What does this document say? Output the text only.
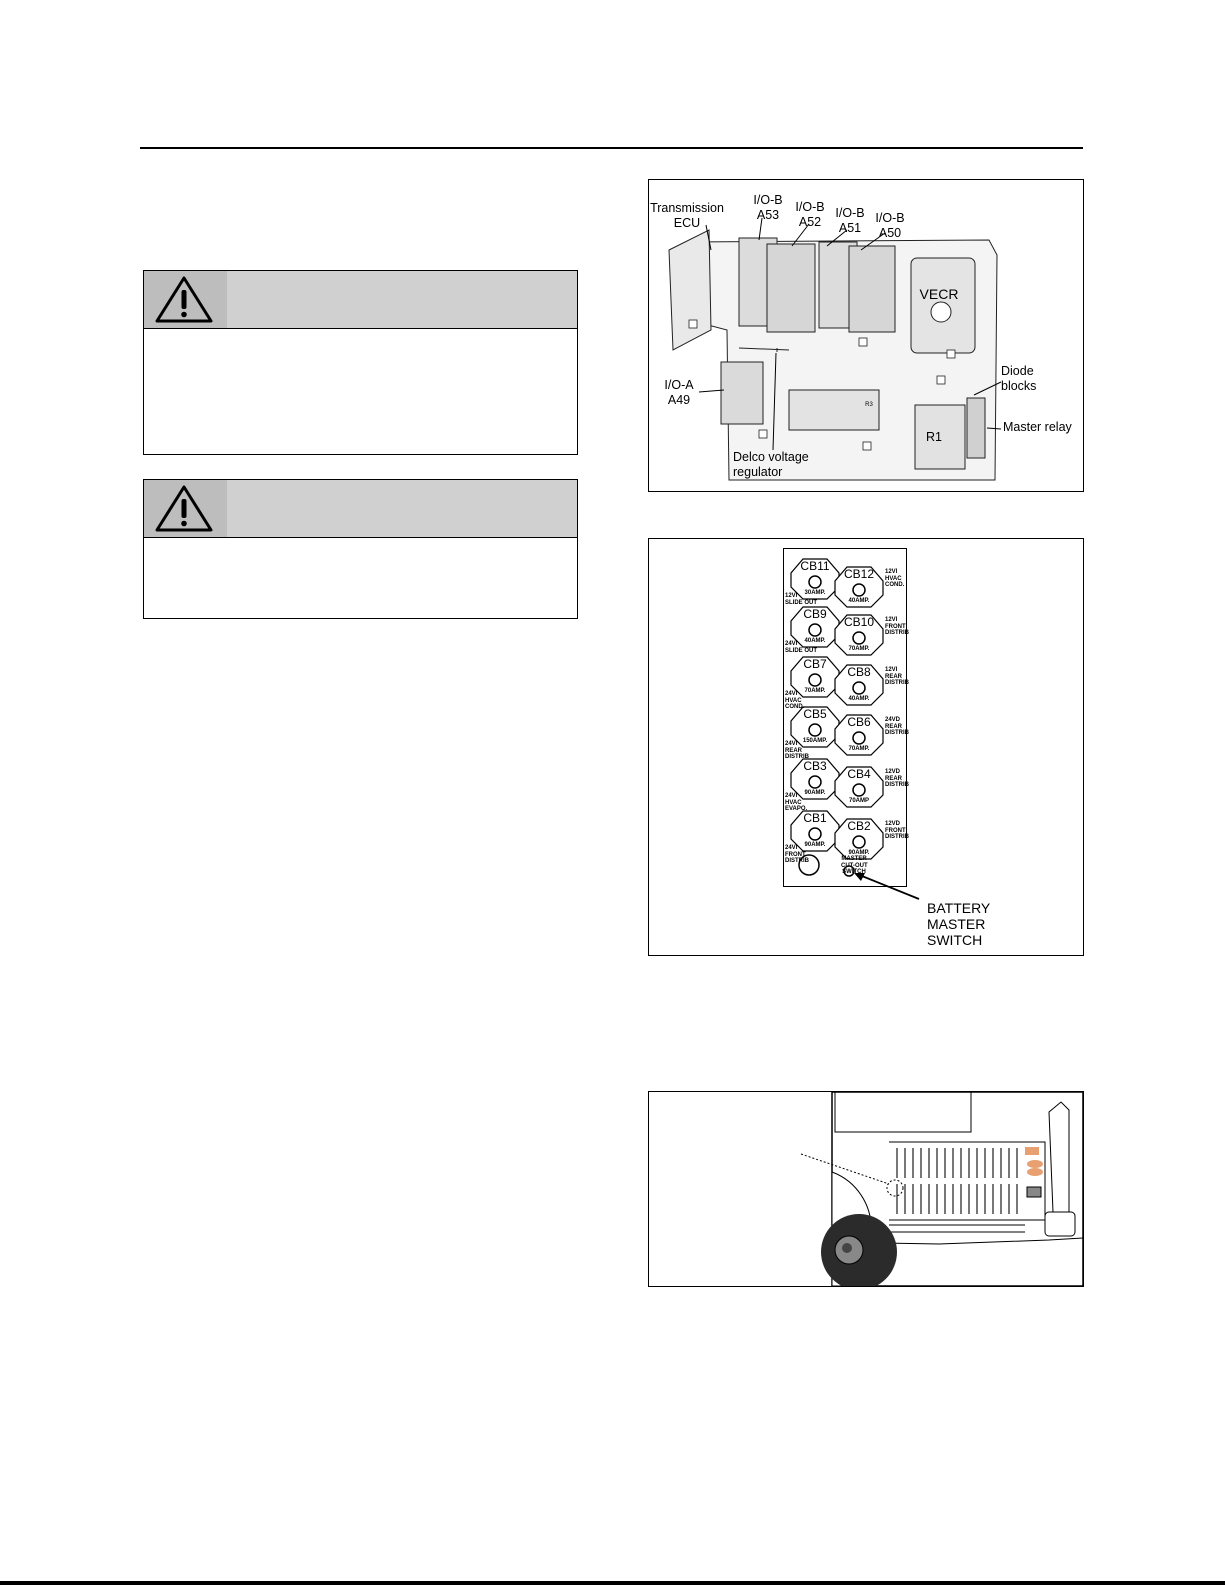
Transmission
ECU
I/O-B
A53
I/O-B
A52
I/O-B
A51
I/O-B
A50
VECR
Diode
blocks
I/O-A
A49
Master relay
R1
R3
Delco voltage
regulator
CB11
30AMP.
12VI
SLIDE OUT
CB12
40AMP.
12VI
HVAC
COND.
CB9
40AMP.
24VI
SLIDE OUT
CB10
70AMP.
12VI
FRONT
DISTRIB
CB7
70AMP.
24VI
HVAC
COND.
CB8
40AMP.
12VI
REAR
DISTRIB
CB5
150AMP.
24VI
REAR
DISTRIB
CB6
70AMP.
24VD
REAR
DISTRIB
CB3
90AMP.
24VI
HVAC
EVAPO.
CB4
70AMP
12VD
REAR
DISTRIB
CB1
90AMP.
24VI
FRONT
DISTRIB
CB2
90AMP.
12VD
FRONT
DISTRIB
MASTER
CUT-OUT
SWITCH
BATTERY
MASTER
SWITCH
